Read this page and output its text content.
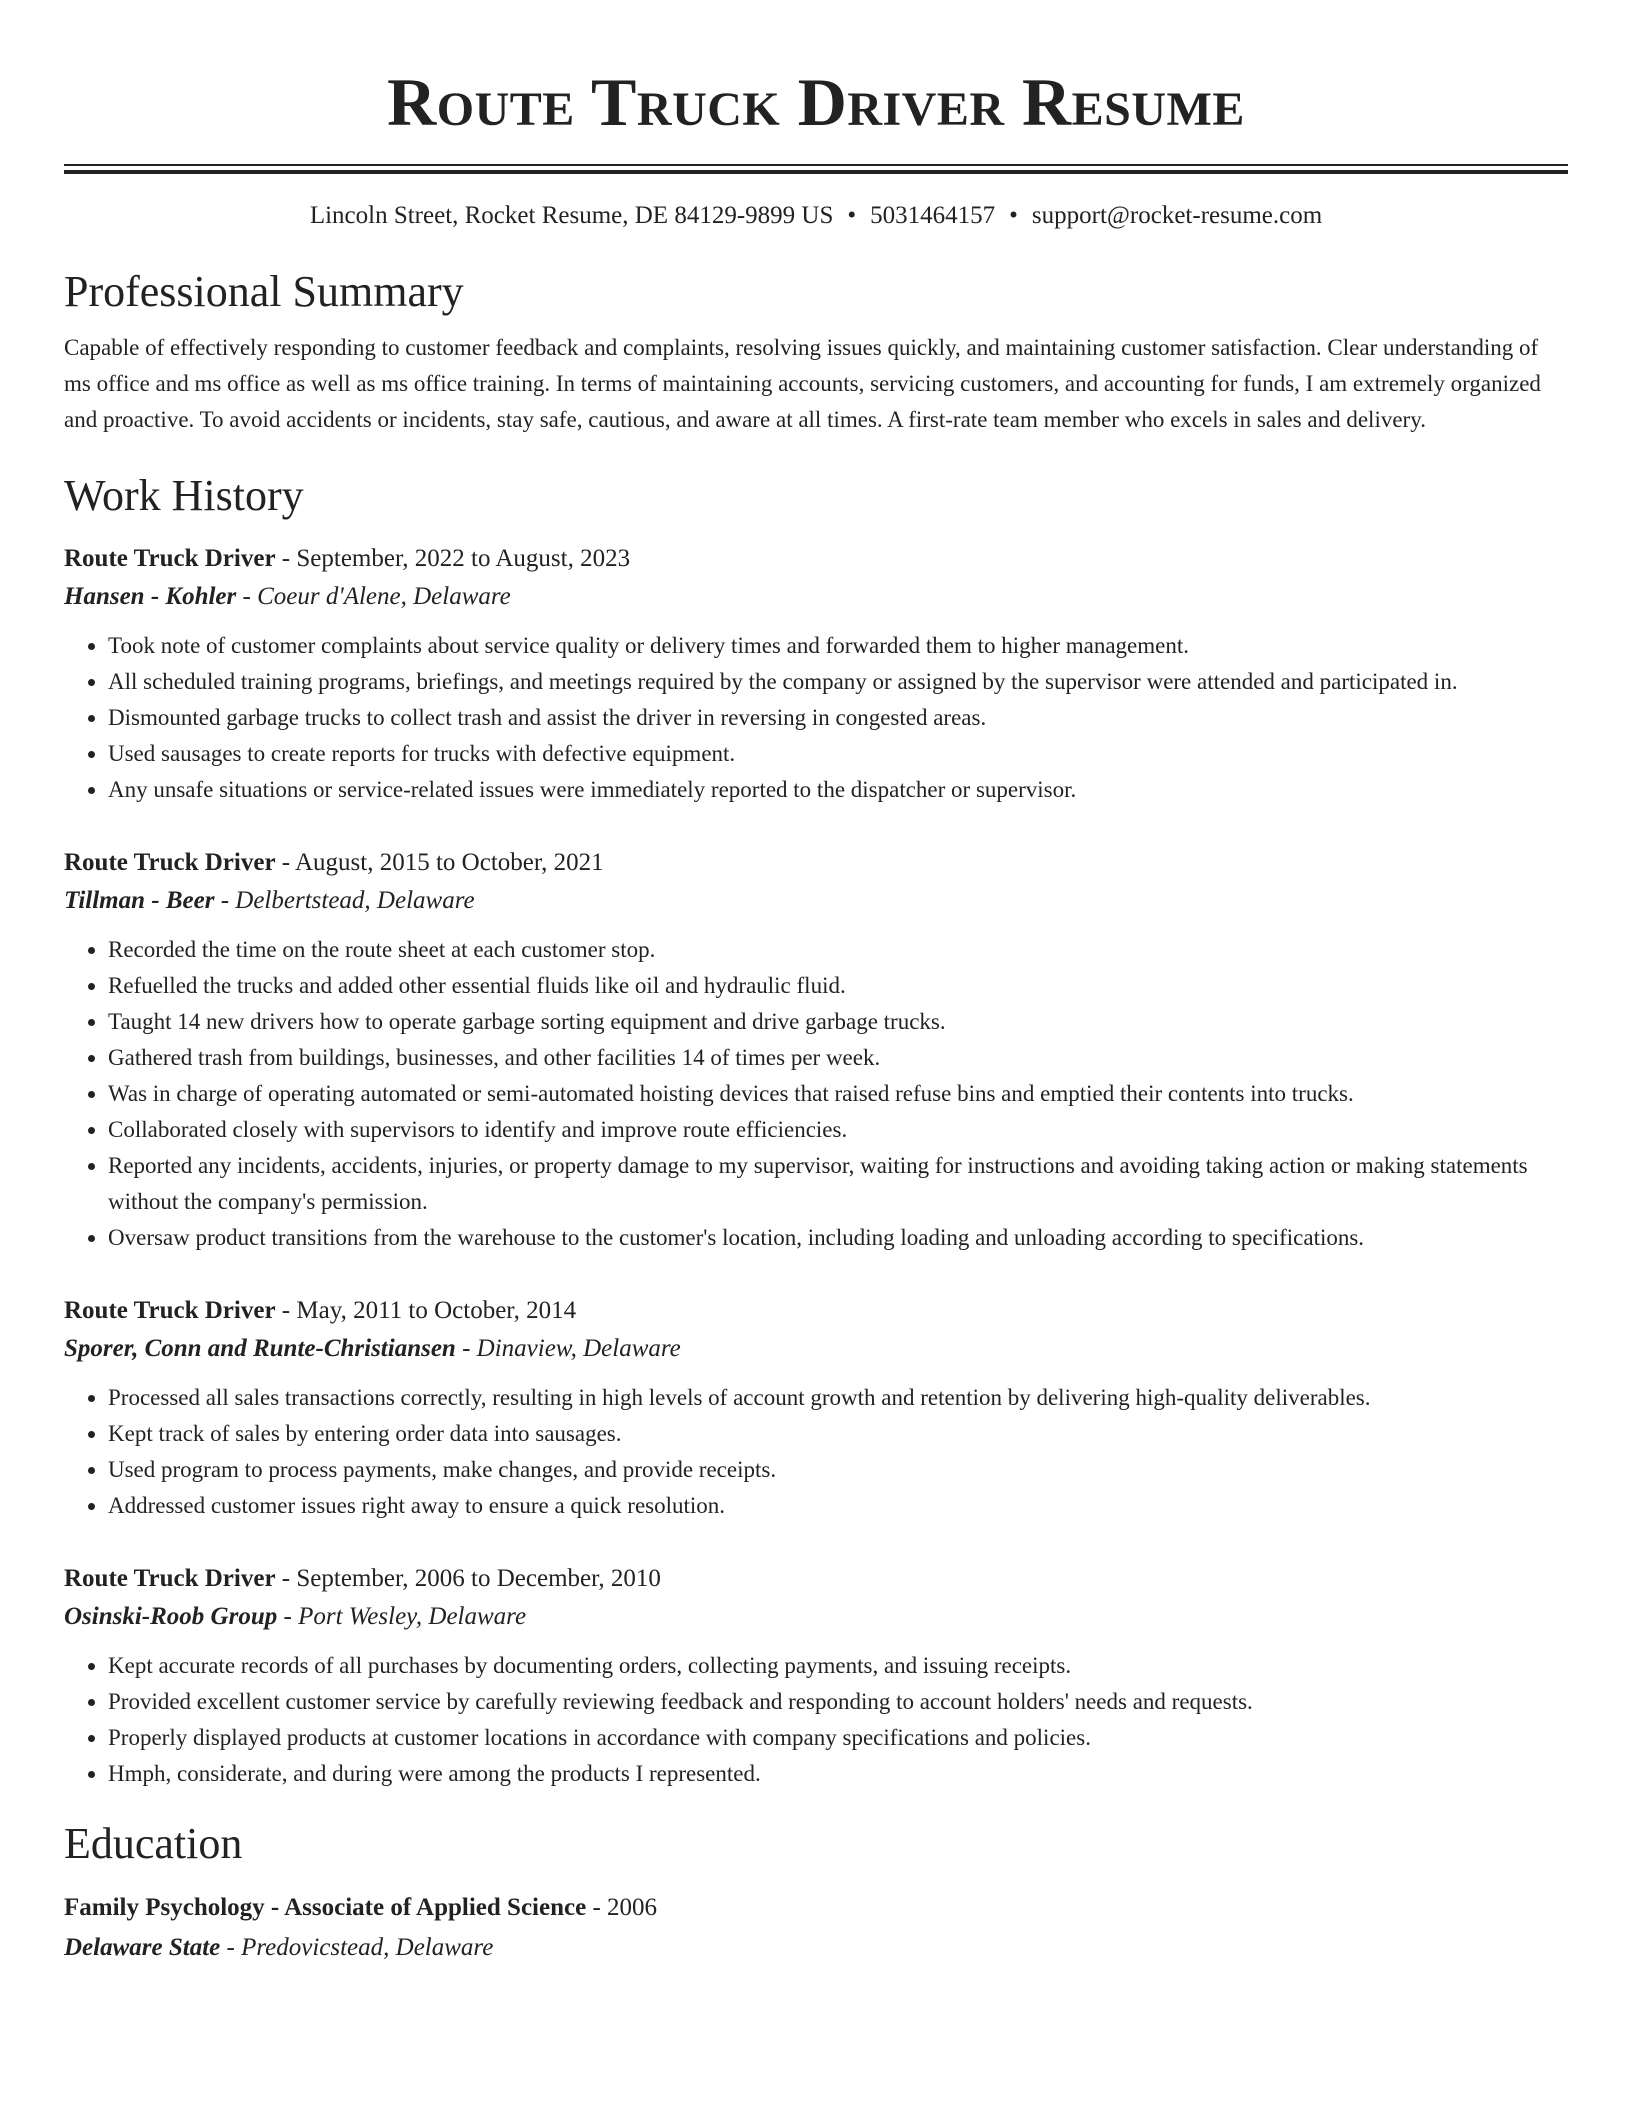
Route Truck Driver Resume
Lincoln Street, Rocket Resume, DE 84129-9899 US • 5031464157 • support@rocket-resume.com
Professional Summary
Capable of effectively responding to customer feedback and complaints, resolving issues quickly, and maintaining customer satisfaction. Clear understanding of ms office and ms office as well as ms office training. In terms of maintaining accounts, servicing customers, and accounting for funds, I am extremely organized and proactive. To avoid accidents or incidents, stay safe, cautious, and aware at all times. A first-rate team member who excels in sales and delivery.
Work History
Route Truck Driver - September, 2022 to August, 2023
Hansen - Kohler - Coeur d'Alene, Delaware
• Took note of customer complaints about service quality or delivery times and forwarded them to higher management.
• All scheduled training programs, briefings, and meetings required by the company or assigned by the supervisor were attended and participated in.
• Dismounted garbage trucks to collect trash and assist the driver in reversing in congested areas.
• Used sausages to create reports for trucks with defective equipment.
• Any unsafe situations or service-related issues were immediately reported to the dispatcher or supervisor.
Route Truck Driver - August, 2015 to October, 2021
Tillman - Beer - Delbertstead, Delaware
• Recorded the time on the route sheet at each customer stop.
• Refuelled the trucks and added other essential fluids like oil and hydraulic fluid.
• Taught 14 new drivers how to operate garbage sorting equipment and drive garbage trucks.
• Gathered trash from buildings, businesses, and other facilities 14 of times per week.
• Was in charge of operating automated or semi-automated hoisting devices that raised refuse bins and emptied their contents into trucks.
• Collaborated closely with supervisors to identify and improve route efficiencies.
• Reported any incidents, accidents, injuries, or property damage to my supervisor, waiting for instructions and avoiding taking action or making statements without the company's permission.
• Oversaw product transitions from the warehouse to the customer's location, including loading and unloading according to specifications.
Route Truck Driver - May, 2011 to October, 2014
Sporer, Conn and Runte-Christiansen - Dinaview, Delaware
• Processed all sales transactions correctly, resulting in high levels of account growth and retention by delivering high-quality deliverables.
• Kept track of sales by entering order data into sausages.
• Used program to process payments, make changes, and provide receipts.
• Addressed customer issues right away to ensure a quick resolution.
Route Truck Driver - September, 2006 to December, 2010
Osinski-Roob Group - Port Wesley, Delaware
• Kept accurate records of all purchases by documenting orders, collecting payments, and issuing receipts.
• Provided excellent customer service by carefully reviewing feedback and responding to account holders' needs and requests.
• Properly displayed products at customer locations in accordance with company specifications and policies.
• Hmph, considerate, and during were among the products I represented.
Education
Family Psychology - Associate of Applied Science - 2006
Delaware State - Predovicstead, Delaware
